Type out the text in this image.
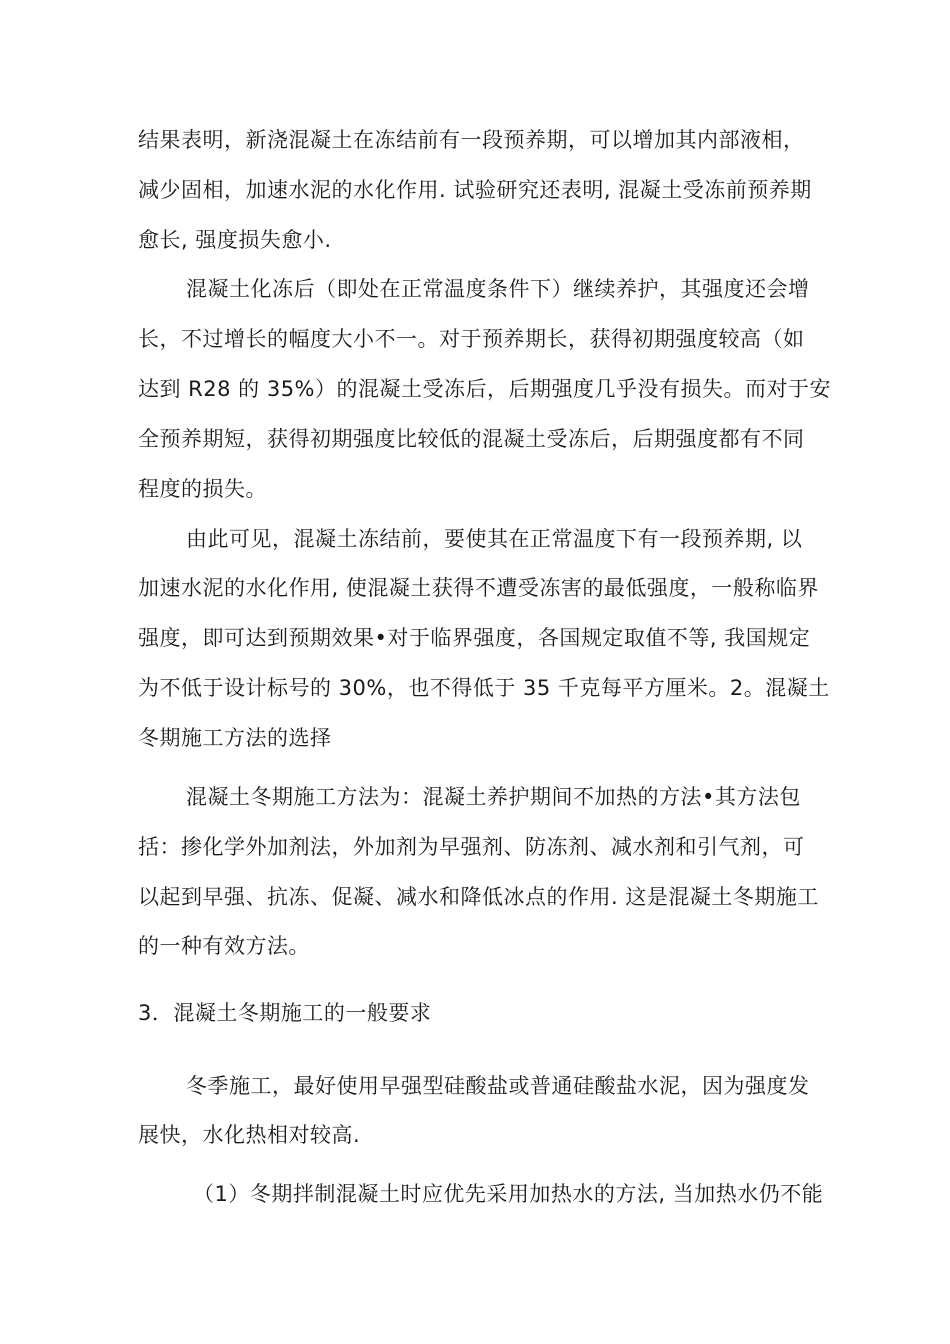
结果表明，新浇混凝土在冻结前有一段预养期，可以增加其内部液相，
减少固相，加速水泥的水化作用. 试验研究还表明, 混凝土受冻前预养期
愈长, 强度损失愈小.
混凝土化冻后（即处在正常温度条件下）继续养护，其强度还会增
长，不过增长的幅度大小不一。对于预养期长，获得初期强度较高（如
达到 R28 的 35%）的混凝土受冻后，后期强度几乎没有损失。而对于安
全预养期短，获得初期强度比较低的混凝土受冻后，后期强度都有不同
程度的损失。
由此可见，混凝土冻结前，要使其在正常温度下有一段预养期, 以
加速水泥的水化作用, 使混凝土获得不遭受冻害的最低强度，一般称临界
强度，即可达到预期效果•对于临界强度，各国规定取值不等, 我国规定
为不低于设计标号的 30%，也不得低于 35 千克每平方厘米。2。混凝土
冬期施工方法的选择
混凝土冬期施工方法为：混凝土养护期间不加热的方法•其方法包
括：掺化学外加剂法，外加剂为早强剂、防冻剂、减水剂和引气剂，可
以起到早强、抗冻、促凝、减水和降低冰点的作用. 这是混凝土冬期施工
的一种有效方法。
3．混凝土冬期施工的一般要求
冬季施工，最好使用早强型硅酸盐或普通硅酸盐水泥，因为强度发
展快，水化热相对较高.
（1）冬期拌制混凝土时应优先采用加热水的方法, 当加热水仍不能
